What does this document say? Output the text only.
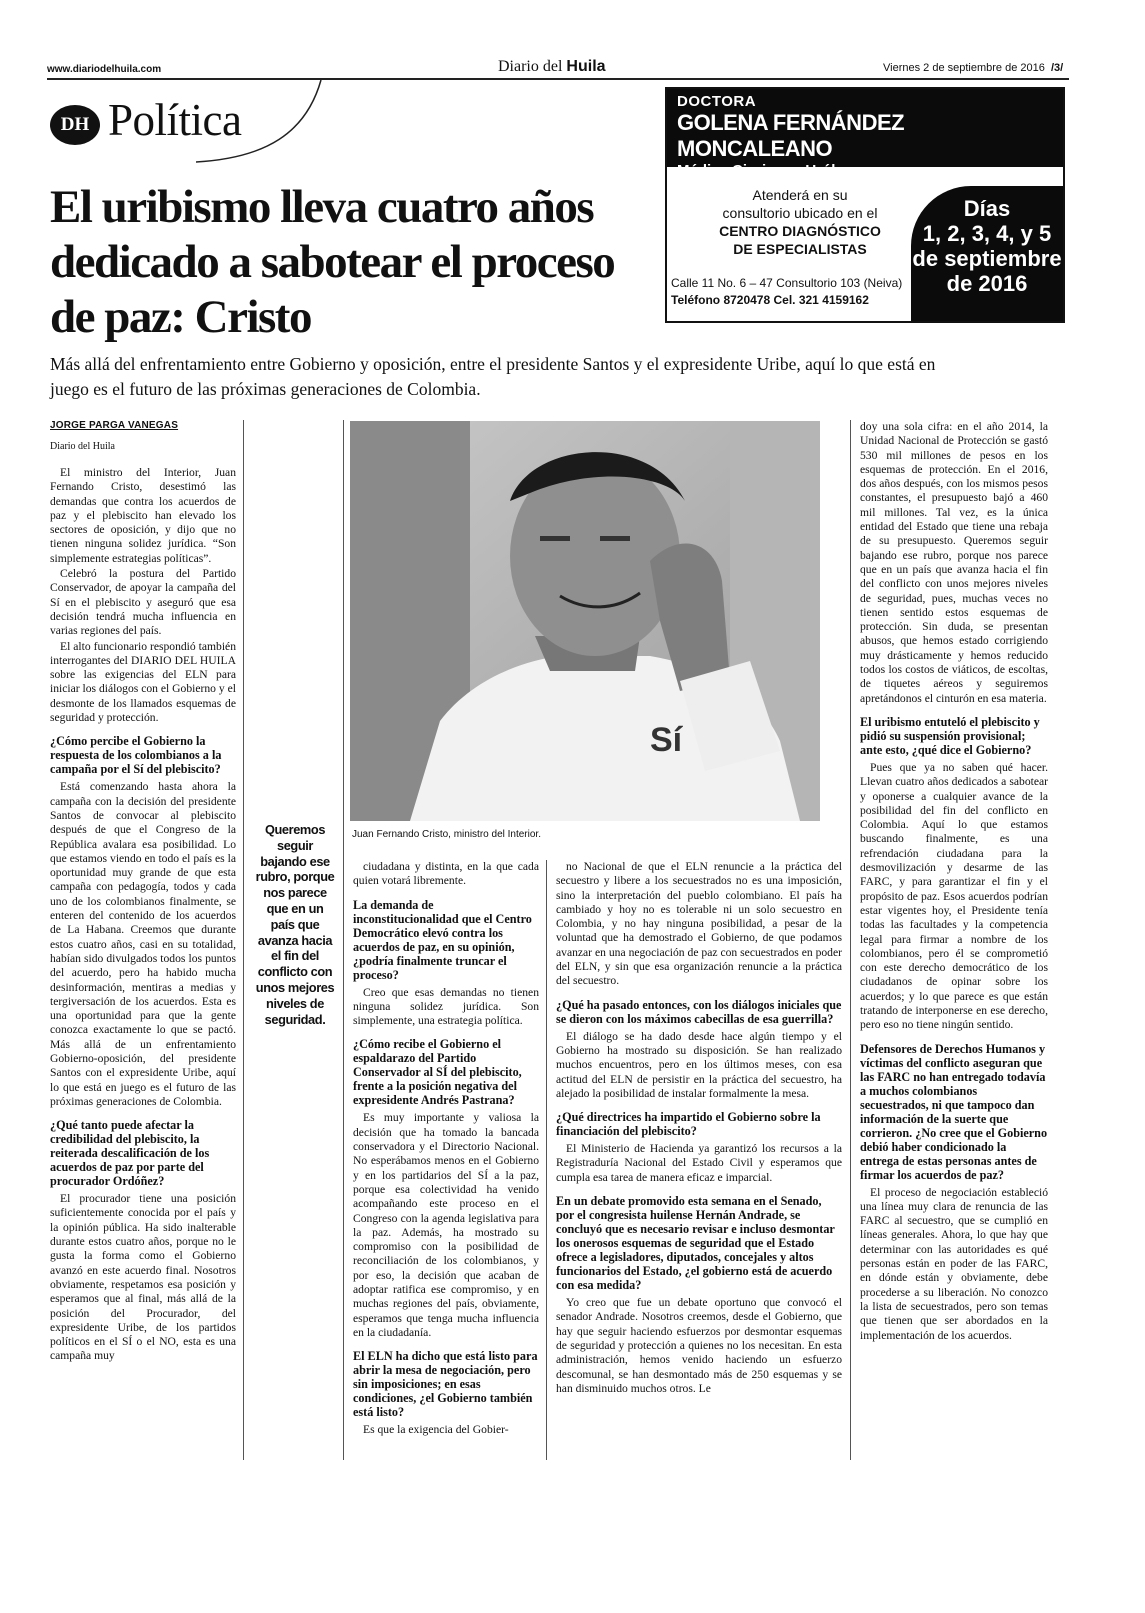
www.diariodelhuila.com	Diario del Huila	Viernes 2 de septiembre de 2016 /3/
DH Política
El uribismo lleva cuatro años dedicado a sabotear el proceso de paz: Cristo
Más allá del enfrentamiento entre Gobierno y oposición, entre el presidente Santos y el expresidente Uribe, aquí lo que está en juego es el futuro de las próximas generaciones de Colombia.
DOCTORA
GOLENA FERNÁNDEZ MONCALEANO
Médica Cirujana - Uróloga
Atenderá en su
consultorio ubicado en el
CENTRO DIAGNÓSTICO
DE ESPECIALISTAS
Calle 11 No. 6 – 47 Consultorio 103 (Neiva)
Teléfono 8720478 Cel. 321 4159162
Días
1, 2, 3, 4, y 5
de septiembre
de 2016
JORGE PARGA VANEGAS
Diario del Huila

El ministro del Interior, Juan Fernando Cristo, desestimó las demandas que contra los acuerdos de paz y el plebiscito han elevado los sectores de oposición, y dijo que no tienen ninguna solidez jurídica. “Son simplemente estrategias políticas”.

Celebró la postura del Partido Conservador, de apoyar la campaña del Sí en el plebiscito y aseguró que esa decisión tendrá mucha influencia en varias regiones del país.

El alto funcionario respondió también interrogantes del DIARIO DEL HUILA sobre las exigencias del ELN para iniciar los diálogos con el Gobierno y el desmonte de los llamados esquemas de seguridad y protección.

¿Cómo percibe el Gobierno la respuesta de los colombianos a la campaña por el Sí del plebiscito?

Está comenzando hasta ahora la campaña con la decisión del presidente Santos de convocar al plebiscito después de que el Congreso de la República avalara esa posibilidad. Lo que estamos viendo en todo el país es la oportunidad muy grande de que esta campaña con pedagogía, todos y cada uno de los colombianos finalmente, se enteren del contenido de los acuerdos de La Habana. Creemos que durante estos cuatro años, casi en su totalidad, habían sido divulgados todos los puntos del acuerdo, pero ha habido mucha desinformación, mentiras a medias y tergiversación de los acuerdos. Esta es una oportunidad para que la gente conozca exactamente lo que se pactó. Más allá de un enfrentamiento Gobierno-oposición, del presidente Santos con el expresidente Uribe, aquí lo que está en juego es el futuro de las próximas generaciones de Colombia.

¿Qué tanto puede afectar la credibilidad del plebiscito, la reiterada descalificación de los acuerdos de paz por parte del procurador Ordóñez?

El procurador tiene una posición suficientemente conocida por el país y la opinión pública. Ha sido inalterable durante estos cuatro años, porque no le gusta la forma como el Gobierno avanzó en este acuerdo final. Nosotros obviamente, respetamos esa posición y esperamos que al final, más allá de la posición del Procurador, del expresidente Uribe, de los partidos políticos en el SÍ o el NO, esta es una campaña muy

Queremos seguir bajando ese rubro, porque nos parece que en un país que avanza hacia el fin del conflicto con unos mejores niveles de seguridad.
Sí
Juan Fernando Cristo, ministro del Interior.

ciudadana y distinta, en la que cada quien votará libremente.

La demanda de inconstitucionalidad que el Centro Democrático elevó contra los acuerdos de paz, en su opinión, ¿podría finalmente truncar el proceso?

Creo que esas demandas no tienen ninguna solidez jurídica. Son simplemente, una estrategia política.

¿Cómo recibe el Gobierno el espaldarazo del Partido Conservador al SÍ del plebiscito, frente a la posición negativa del expresidente Andrés Pastrana?

Es muy importante y valiosa la decisión que ha tomado la bancada conservadora y el Directorio Nacional. No esperábamos menos en el Gobierno y en los partidarios del SÍ a la paz, porque esa colectividad ha venido acompañando este proceso en el Congreso con la agenda legislativa para la paz. Además, ha mostrado su compromiso con la posibilidad de reconciliación de los colombianos, y por eso, la decisión que acaban de adoptar ratifica ese compromiso, y en muchas regiones del país, obviamente, esperamos que tenga mucha influencia en la ciudadanía.

El ELN ha dicho que está listo para abrir la mesa de negociación, pero sin imposiciones; en esas condiciones, ¿el Gobierno también está listo?

Es que la exigencia del Gobier-

no Nacional de que el ELN renuncie a la práctica del secuestro y libere a los secuestrados no es una imposición, sino la interpretación del pueblo colombiano. El país ha cambiado y hoy no es tolerable ni un solo secuestro en Colombia, y no hay ninguna posibilidad, a pesar de la voluntad que ha demostrado el Gobierno, de que podamos avanzar en una negociación de paz con secuestrados en poder del ELN, y sin que esa organización renuncie a la práctica del secuestro.

¿Qué ha pasado entonces, con los diálogos iniciales que se dieron con los máximos cabecillas de esa guerrilla?

El diálogo se ha dado desde hace algún tiempo y el Gobierno ha mostrado su disposición. Se han realizado muchos encuentros, pero en los últimos meses, con esa actitud del ELN de persistir en la práctica del secuestro, ha alejado la posibilidad de instalar formalmente la mesa.

¿Qué directrices ha impartido el Gobierno sobre la financiación del plebiscito?

El Ministerio de Hacienda ya garantizó los recursos a la Registraduría Nacional del Estado Civil y esperamos que cumpla esa tarea de manera eficaz e imparcial.

En un debate promovido esta semana en el Senado, por el congresista huilense Hernán Andrade, se concluyó que es necesario revisar e incluso desmontar los onerosos esquemas de seguridad que el Estado ofrece a legisladores, diputados, concejales y altos funcionarios del Estado, ¿el gobierno está de acuerdo con esa medida?

Yo creo que fue un debate oportuno que convocó el senador Andrade. Nosotros creemos, desde el Gobierno, que hay que seguir haciendo esfuerzos por desmontar esquemas de seguridad y protección a quienes no los necesitan. En esta administración, hemos venido haciendo un esfuerzo descomunal, se han desmontado más de 250 esquemas y se han disminuido muchos otros. Le

doy una sola cifra: en el año 2014, la Unidad Nacional de Protección se gastó 530 mil millones de pesos en los esquemas de protección. En el 2016, dos años después, con los mismos pesos constantes, el presupuesto bajó a 460 mil millones. Tal vez, es la única entidad del Estado que tiene una rebaja de su presupuesto. Queremos seguir bajando ese rubro, porque nos parece que en un país que avanza hacia el fin del conflicto con unos mejores niveles de seguridad, pues, muchas veces no tienen sentido estos esquemas de protección. Sin duda, se presentan abusos, que hemos estado corrigiendo muy drásticamente y hemos reducido todos los costos de viáticos, de escoltas, de tiquetes aéreos y seguiremos apretándonos el cinturón en esa materia.

El uribismo entuteló el plebiscito y pidió su suspensión provisional; ante esto, ¿qué dice el Gobierno?

Pues que ya no saben qué hacer. Llevan cuatro años dedicados a sabotear y oponerse a cualquier avance de la posibilidad del fin del conflicto en Colombia. Aquí lo que estamos buscando finalmente, es una refrendación ciudadana para la desmovilización y desarme de las FARC, y para garantizar el fin y el propósito de paz. Esos acuerdos podrían estar vigentes hoy, el Presidente tenía todas las facultades y la competencia legal para firmar a nombre de los colombianos, pero él se comprometió con este derecho democrático de los ciudadanos de opinar sobre los acuerdos; y lo que parece es que están tratando de interponerse en ese derecho, pero eso no tiene ningún sentido.

Defensores de Derechos Humanos y víctimas del conflicto aseguran que las FARC no han entregado todavía a muchos colombianos secuestrados, ni que tampoco dan información de la suerte que corrieron. ¿No cree que el Gobierno debió haber condicionado la entrega de estas personas antes de firmar los acuerdos de paz?

El proceso de negociación estableció una línea muy clara de renuncia de las FARC al secuestro, que se cumplió en líneas generales. Ahora, lo que hay que determinar con las autoridades es qué personas están en poder de las FARC, en dónde están y obviamente, debe procederse a su liberación. No conozco la lista de secuestrados, pero son temas que tienen que ser abordados en la implementación de los acuerdos.
